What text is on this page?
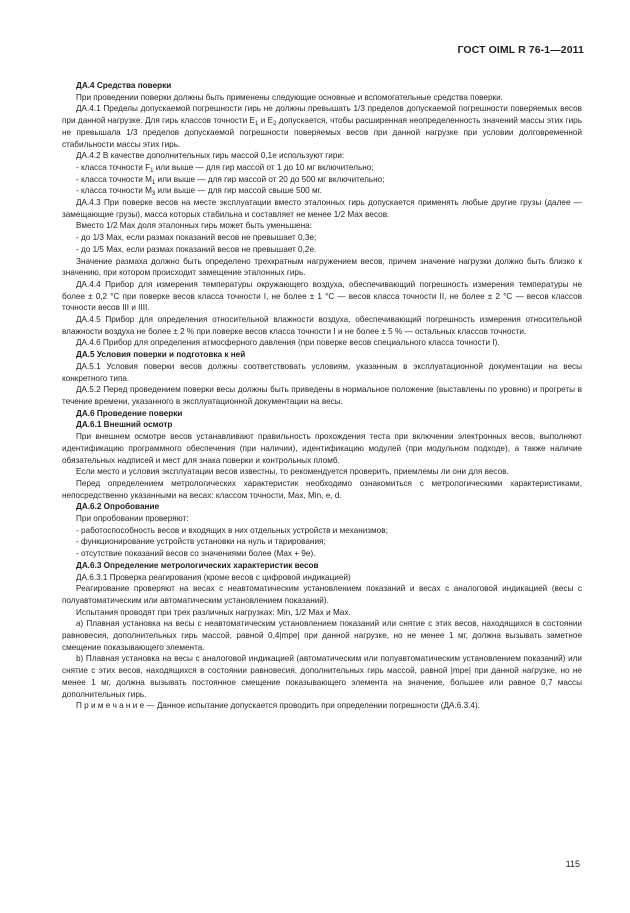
ГОСТ OIML R 76-1—2011

ДА.4 Средства поверки

При проведении поверки должны быть применены следующие основные и вспомогательные средства поверки.

ДА.4.1 Пределы допускаемой погрешности гирь не должны превышать 1/3 пределов допускаемой погрешности поверяемых весов при данной нагрузке. Для гирь классов точности $E_1$ и $E_2$ допускается, чтобы расширенная неопределенность значений массы этих гирь не превышала 1/3 пределов допускаемой погрешности поверяемых весов при данной нагрузке при условии долговременной стабильности массы этих гирь.

ДА.4.2 В качестве дополнительных гирь массой 0,1e используют гири:

- класса точности $F_1$ или выше — для гир массой от 1 до 10 мг включительно;

- класса точности $M_1$ или выше — для гир массой от 20 до 500 мг включительно;

- класса точности $M_3$ или выше — для гир массой свыше 500 мг.

ДА.4.3 При поверке весов на месте эксплуатации вместо эталонных гирь допускается применять любые другие грузы (далее — замещающие грузы), масса которых стабильна и составляет не менее 1/2 Max весов.

Вместо 1/2 Max доля эталонных гирь может быть уменьшена:

- до 1/3 Max, если размах показаний весов не превышает 0,3e;

- до 1/5 Max, если размах показаний весов не превышает 0,2e.

Значение размаха должно быть определено трехкратным нагружением весов, причем значение нагрузки должно быть близко к значению, при котором происходит замещение эталонных гирь.

ДА.4.4 Прибор для измерения температуры окружающего воздуха, обеспечивающий погрешность измерения температуры не более ± 0,2 °С при поверке весов класса точности I, не более ± 1 °С — весов класса точности II, не более ± 2 °С — весов классов точности весов III и IIII.

ДА.4.5 Прибор для определения относительной влажности воздуха, обеспечивающий погрешность измерения относительной влажности воздуха не более ± 2 % при поверке весов класса точности I и не более ± 5 % — остальных классов точности.

ДА.4.6 Прибор для определения атмосферного давления (при поверке весов специального класса точности I).

ДА.5 Условия поверки и подготовка к ней

ДА.5.1 Условия поверки весов должны соответствовать условиям, указанным в эксплуатационной документации на весы конкретного типа.

ДА.5.2 Перед проведением поверки весы должны быть приведены в нормальное положение (выставлены по уровню) и прогреты в течение времени, указанного в эксплуатационной документации на весы.

ДА.6 Проведение поверки

ДА.6.1 Внешний осмотр

При внешнем осмотре весов устанавливают правильность прохождения теста при включении электронных весов, выполняют идентификацию программного обеспечения (при наличии), идентификацию модулей (при модульном подходе), а также наличие обязательных надписей и мест для знака поверки и контрольных пломб.

Если место и условия эксплуатации весов известны, то рекомендуется проверить, приемлемы ли они для весов.

Перед определением метрологических характеристик необходимо ознакомиться с метрологическими характеристиками, непосредственно указанными на весах: классом точности, Max, Min, e, d.

ДА.6.2 Опробование

При опробовании проверяют:

- работоспособность весов и входящих в них отдельных устройств и механизмов;

- функционирование устройств установки на нуль и тарирования;

- отсутствие показаний весов со значениями более (Max + 9e).

ДА.6.3 Определение метрологических характеристик весов

ДА.6.3.1 Проверка реагирования (кроме весов с цифровой индикацией)

Реагирование проверяют на весах с неавтоматическим установлением показаний и весах с аналоговой индикацией (весы с полуавтоматическим или автоматическим установлением показаний).

Испытания проводят при трех различных нагрузках: Min, 1/2 Max и Max.

a) Плавная установка на весы с неавтоматическим установлением показаний или снятие с этих весов, находящихся в состоянии равновесия, дополнительных гирь массой, равной 0,4|mpe| при данной нагрузке, но не менее 1 мг, должна вызывать заметное смещение показывающего элемента.

b) Плавная установка на весы с аналоговой индикацией (автоматическим или полуавтоматическим установлением показаний) или снятие с этих весов, находящихся в состоянии равновесия, дополнительных гирь массой, равной |mpe| при данной нагрузке, но не менее 1 мг, должна вызывать постоянное смещение показывающего элемента на значение, большее или равное 0,7 массы дополнительных гирь.

П р и м е ч а н и е — Данное испытание допускается проводить при определении погрешности (ДА.6.3.4).

115
